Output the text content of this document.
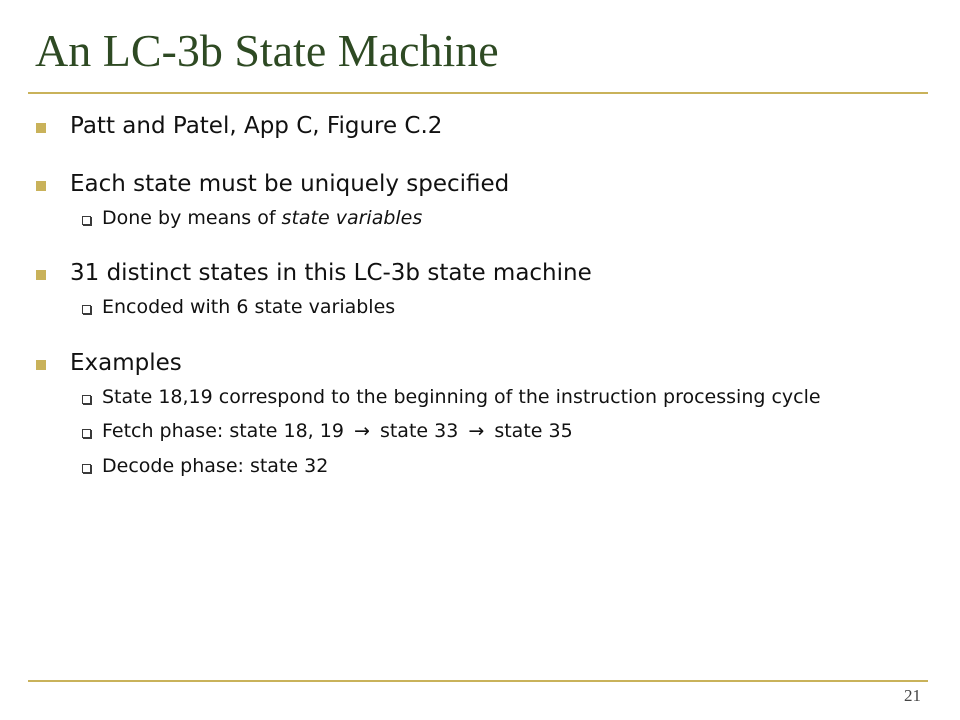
An LC-3b State Machine
Patt and Patel, App C, Figure C.2
Each state must be uniquely specified
Done by means of state variables
31 distinct states in this LC-3b state machine
Encoded with 6 state variables
Examples
State 18,19 correspond to the beginning of the instruction processing cycle
Fetch phase: state 18, 19 → state 33 → state 35
Decode phase: state 32
21
